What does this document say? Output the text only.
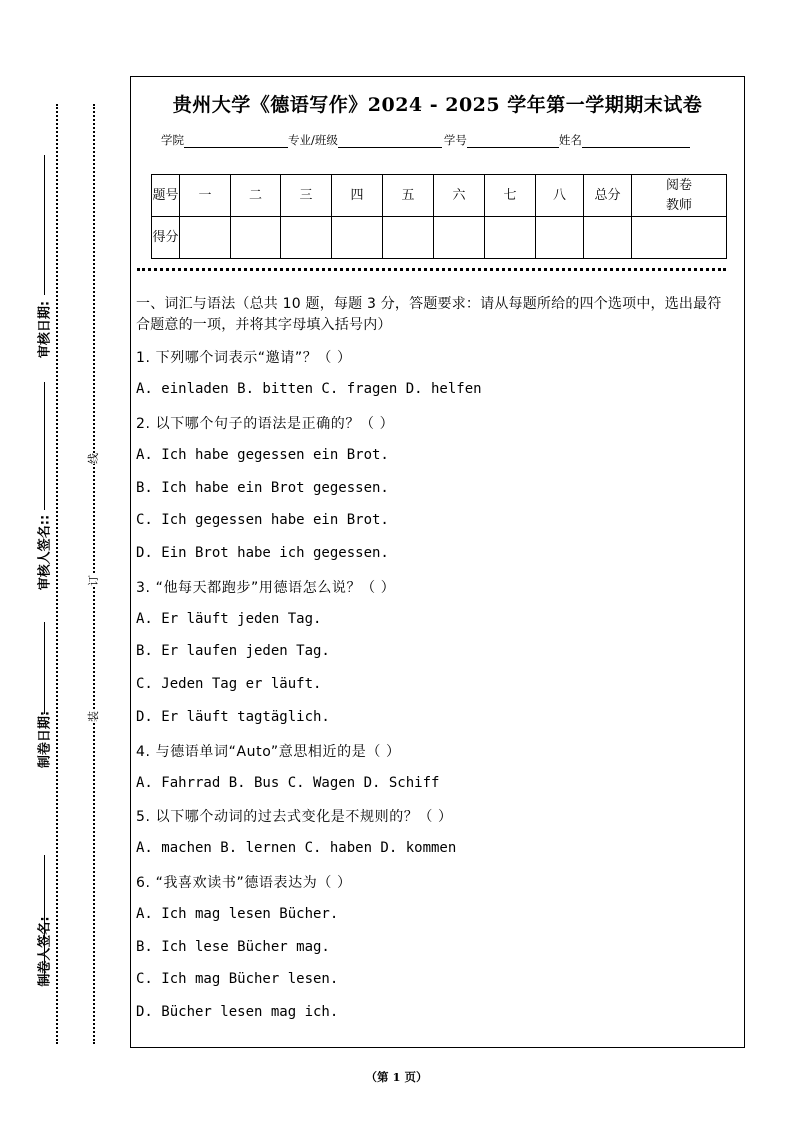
审核日期:
审核人签名::
制卷日期:
制卷人签名:
线
订
装
贵州大学《德语写作》2024 - 2025 学年第一学期期末试卷
学院	专业/班级	学号	姓名
题号	一	二	三	四	五	六	七	八	总分	阅卷教师
得分										
一、词汇与语法（总共 10 题，每题 3 分，答题要求：请从每题所给的四个选项中，选出最符合题意的一项，并将其字母填入括号内）
1. 下列哪个词表示“邀请”？（ ）
A. einladen B. bitten C. fragen D. helfen
2. 以下哪个句子的语法是正确的？（ ）
A. Ich habe gegessen ein Brot.
B. Ich habe ein Brot gegessen.
C. Ich gegessen habe ein Brot.
D. Ein Brot habe ich gegessen.
3. “他每天都跑步”用德语怎么说？（ ）
A. Er läuft jeden Tag.
B. Er laufen jeden Tag.
C. Jeden Tag er läuft.
D. Er läuft tagtäglich.
4. 与德语单词“Auto”意思相近的是（ ）
A. Fahrrad B. Bus C. Wagen D. Schiff
5. 以下哪个动词的过去式变化是不规则的？（ ）
A. machen B. lernen C. haben D. kommen
6. “我喜欢读书”德语表达为（ ）
A. Ich mag lesen Bücher.
B. Ich lese Bücher mag.
C. Ich mag Bücher lesen.
D. Bücher lesen mag ich.
（第 1 页）
